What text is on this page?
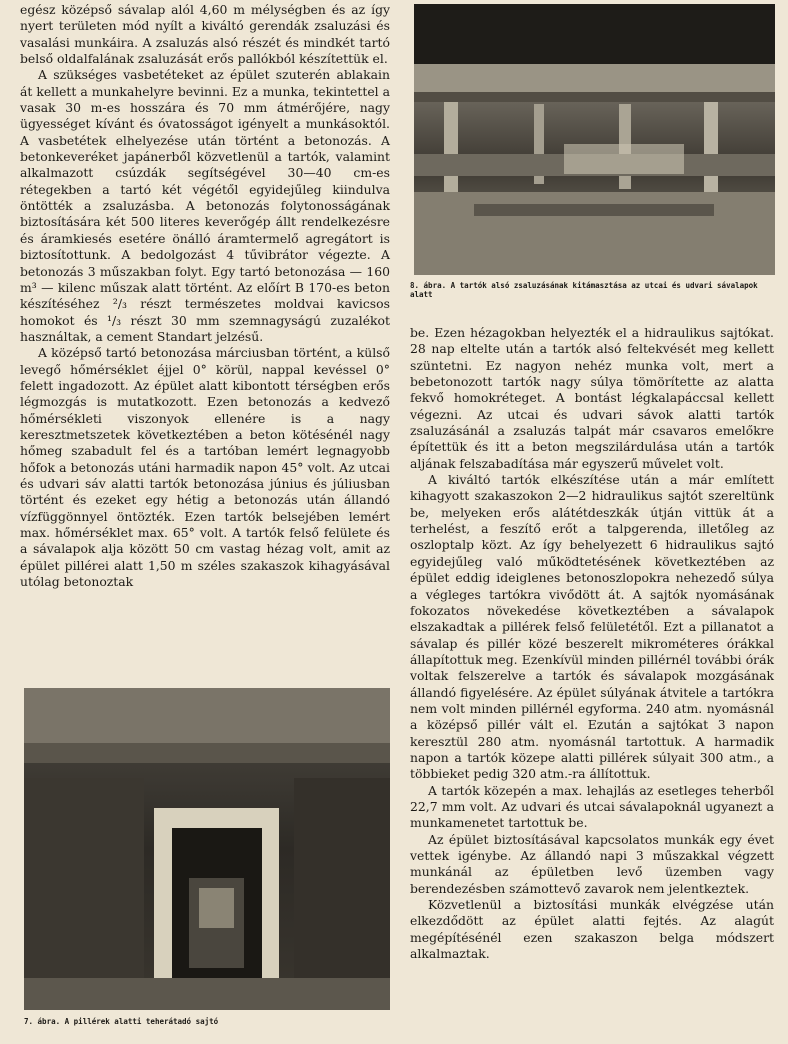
egész középső sávalap alól 4,60 m mélységben és az így nyert területen mód nyílt a kiváltó gerendák zsaluzási és vasalási munkáira. A zsaluzás alsó részét és mindkét tartó belső oldalfalának zsaluzását erős pallókból készítettük el.

A szükséges vasbetéteket az épület szuterén ablakain át kellett a munkahelyre bevinni. Ez a munka, tekintettel a vasak 30 m-es hosszára és 70 mm átmérőjére, nagy ügyességet kívánt és óvatosságot igényelt a munkásoktól. A vasbetétek elhelyezése után történt a betonozás. A betonkeveréket japánerből közvetlenül a tartók, valamint alkalmazott csúzdák segítségével 30—40 cm-es rétegekben a tartó két végétől egyidejűleg kiindulva öntötték a zsaluzásba. A betonozás folytonosságának biztosítására két 500 literes keverőgép állt rendelkezésre és áramkiesés esetére önálló áramtermelő agregátort is biztosítottunk. A bedolgozást 4 tűvibrátor végezte. A betonozás 3 műszakban folyt. Egy tartó betonozása — 160 m³ — kilenc műszak alatt történt. Az előírt B 170-es beton készítéséhez ²/₃ részt természetes moldvai kavicsos homokot és ¹/₃ részt 30 mm szemnagyságú zuzalékot használtak, a cement Standart jelzésű.

A középső tartó betonozása márciusban történt, a külső levegő hőmérséklet éjjel 0° körül, nappal kevéssel 0° felett ingadozott. Az épület alatt kibontott térségben erős légmozgás is mutatkozott. Ezen betonozás a kedvező hőmérsékleti viszonyok ellenére is a nagy keresztmetszetek következtében a beton kötésénél nagy hőmeg szabadult fel és a tartóban lemért legnagyobb hőfok a betonozás utáni harmadik napon 45° volt. Az utcai és udvari sáv alatti tartók betonozása június és júliusban történt és ezeket egy hétig a betonozás után állandó vízfüggönnyel öntözték. Ezen tartók belsejében lemért max. hőmérséklet max. 65° volt. A tartók felső felülete és a sávalapok alja között 50 cm vastag hézag volt, amit az épület pillérei alatt 1,50 m széles szakaszok kihagyásával utólag betonoztak

8. ábra. A tartók alsó zsaluzásának kitámasztása az utcai és udvari sávalapok alatt

be. Ezen hézagokban helyezték el a hidraulikus sajtókat. 28 nap eltelte után a tartók alsó feltekvését meg kellett szüntetni. Ez nagyon nehéz munka volt, mert a bebetonozott tartók nagy súlya tömörítette az alatta fekvő homokréteget. A bontást légkalapáccsal kellett végezni. Az utcai és udvari sávok alatti tartók zsaluzásánál a zsaluzás talpát már csavaros emelőkre építettük és itt a beton megszilárdulása után a tartók aljának felszabadítása már egyszerű művelet volt.

A kiváltó tartók elkészítése után a már említett kihagyott szakaszokon 2—2 hidraulikus sajtót szereltünk be, melyeken erős alátétdeszkák útján vittük át a terhelést, a feszítő erőt a talpgerenda, illetőleg az oszloptalp közt. Az így behelyezett 6 hidraulikus sajtó egyidejűleg való működtetésének következtében az épület eddig ideiglenes betonoszlopokra nehezedő súlya a végleges tartókra vivődött át. A sajtók nyomásának fokozatos növekedése következtében a sávalapok elszakadtak a pillérek felső felületétől. Ezt a pillanatot a sávalap és pillér közé beszerelt mikrométeres órákkal állapítottuk meg. Ezenkívül minden pillérnél további órák voltak felszerelve a tartók és sávalapok mozgásának állandó figyelésére. Az épület súlyának átvitele a tartókra nem volt minden pillérnél egyforma. 240 atm. nyomásnál a középső pillér vált el. Ezután a sajtókat 3 napon keresztül 280 atm. nyomásnál tartottuk. A harmadik napon a tartók közepe alatti pillérek súlyait 300 atm., a többieket pedig 320 atm.-ra állítottuk.

A tartók közepén a max. lehajlás az esetleges teherből 22,7 mm volt. Az udvari és utcai sávalapoknál ugyanezt a munkamenetet tartottuk be.

Az épület biztosításával kapcsolatos munkák egy évet vettek igénybe. Az állandó napi 3 műszakkal végzett munkánál az épületben levő üzemben vagy berendezésben számottevő zavarok nem jelentkeztek.

Közvetlenül a biztosítási munkák elvégzése után elkezdődött az épület alatti fejtés. Az alagút megépítésénél ezen szakaszon belga módszert alkalmaztak.

7. ábra. A pillérek alatti teherátadó sajtó
